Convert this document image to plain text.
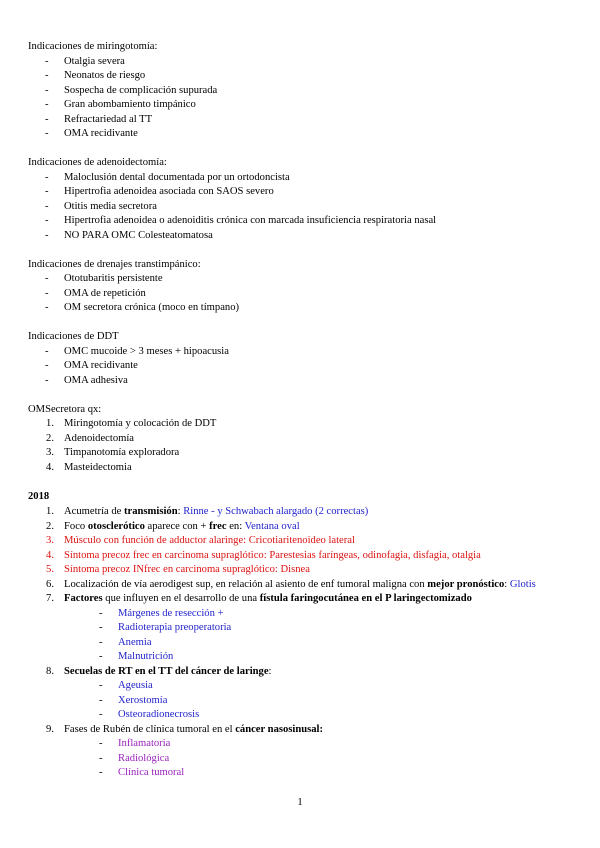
Indicaciones de miringotomía:
-	Otalgia severa
-	Neonatos de riesgo
-	Sospecha de complicación supurada
-	Gran abombamiento timpánico
-	Refractariedad al TT
-	OMA recidivante
Indicaciones de adenoidectomía:
-	Maloclusión dental documentada por un ortodoncista
-	Hipertrofia adenoidea asociada con SAOS severo
-	Otitis media secretora
-	Hipertrofia adenoidea o adenoiditis crónica con marcada insuficiencia respiratoria nasal
-	NO PARA OMC Colesteatomatosa
Indicaciones de drenajes transtimpánico:
-	Ototubaritis persistente
-	OMA de repetición
-	OM secretora crónica (moco en tímpano)
Indicaciones de DDT
-	OMC mucoide > 3 meses + hipoacusia
-	OMA recidivante
-	OMA adhesiva
OMSecretora qx:
1. Miringotomía y colocación de DDT
2. Adenoidectomía
3. Timpanotomía exploradora
4. Masteidectomia
2018
1. Acumetría de transmisión: Rinne - y Schwabach alargado (2 correctas)
2. Foco otosclerótico aparece con + frec en: Ventana oval
3. Músculo con función de adductor alaringe: Cricotiaritenoideo lateral
4. Síntoma precoz frec en carcinoma supraglótico: Parestesias faríngeas, odinofagia, disfagia, otalgia
5. Síntoma precoz INfrec en carcinoma supraglótico: Disnea
6. Localización de vía aerodigest sup, en relación al asiento de enf tumoral maligna con mejor pronóstico: Glotis
7. Factores que influyen en el desarrollo de una fístula faringocutánea en el P laringectomizado
-	Márgenes de resección +
-	Radioterapia preoperatoria
-	Anemia
-	Malnutrición
8. Secuelas de RT en el TT del cáncer de laringe:
-	Ageusia
-	Xerostomía
-	Osteoradionecrosis
9. Fases de Rubén de clínica tumoral en el cáncer nasosinusal:
-	Inflamatoria
-	Radiológica
-	Clínica tumoral
1
